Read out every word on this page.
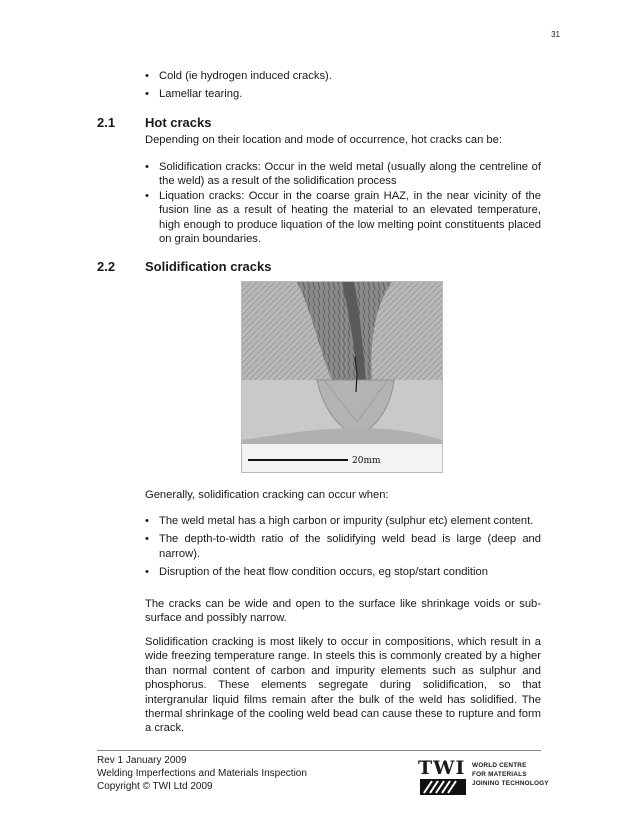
31
• Cold (ie hydrogen induced cracks).
• Lamellar tearing.
2.1 Hot cracks

Depending on their location and mode of occurrence, hot cracks can be:

• Solidification cracks: Occur in the weld metal (usually along the centreline of the weld) as a result of the solidification process
• Liquation cracks: Occur in the coarse grain HAZ, in the near vicinity of the fusion line as a result of heating the material to an elevated temperature, high enough to produce liquation of the low melting point constituents placed on grain boundaries.
2.2 Solidification cracks
20mm

Generally, solidification cracking can occur when:

• The weld metal has a high carbon or impurity (sulphur etc) element content.
• The depth-to-width ratio of the solidifying weld bead is large (deep and narrow).
• Disruption of the heat flow condition occurs, eg stop/start condition

The cracks can be wide and open to the surface like shrinkage voids or sub-surface and possibly narrow.

Solidification cracking is most likely to occur in compositions, which result in a wide freezing temperature range. In steels this is commonly created by a higher than normal content of carbon and impurity elements such as sulphur and phosphorus. These elements segregate during solidification, so that intergranular liquid films remain after the bulk of the weld has solidified. The thermal shrinkage of the cooling weld bead can cause these to rupture and form a crack.

Rev 1 January 2009
Welding Imperfections and Materials Inspection
Copyright © TWI Ltd 2009
TWI WORLD CENTRE
FOR MATERIALS
JOINING TECHNOLOGY
